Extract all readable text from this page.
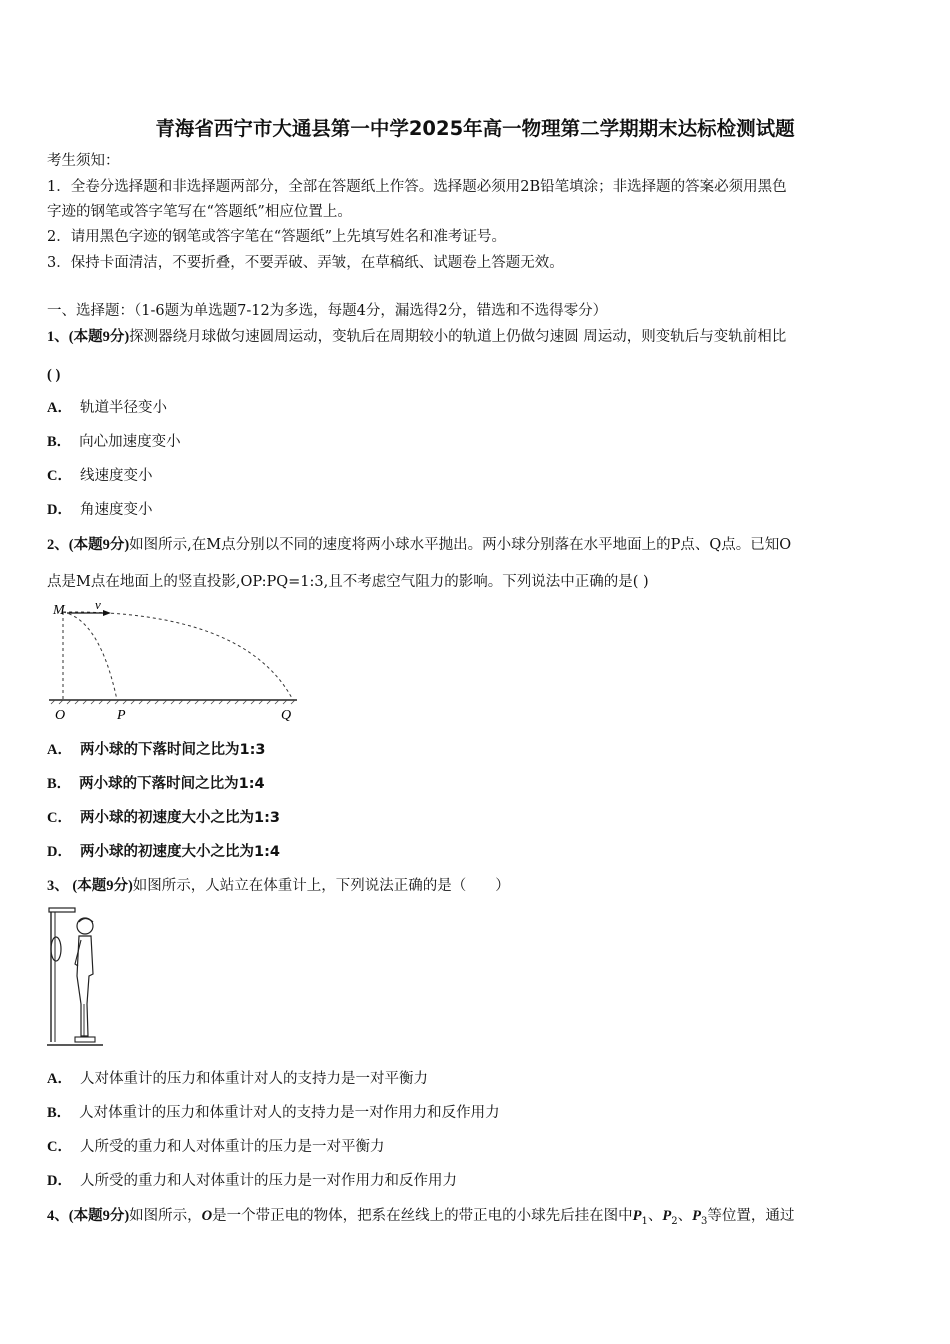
青海省西宁市大通县第一中学2025年高一物理第二学期期末达标检测试题
考生须知：
1．全卷分选择题和非选择题两部分，全部在答题纸上作答。选择题必须用2B铅笔填涂；非选择题的答案必须用黑色
字迹的钢笔或答字笔写在“答题纸”相应位置上。
2．请用黑色字迹的钢笔或答字笔在“答题纸”上先填写姓名和准考证号。
3．保持卡面清洁，不要折叠，不要弄破、弄皱，在草稿纸、试题卷上答题无效。
一、选择题：（1-6题为单选题7-12为多选，每题4分，漏选得2分，错选和不选得零分）
1、(本题9分)探测器绕月球做匀速圆周运动，变轨后在周期较小的轨道上仍做匀速圆 周运动，则变轨后与变轨前相比
( )
A． 轨道半径变小
B． 向心加速度变小
C． 线速度变小
D． 角速度变小
2、(本题9分)如图所示,在M点分别以不同的速度将两小球水平抛出。两小球分别落在水平地面上的P点、Q点。已知O
点是M点在地面上的竖直投影,OP:PQ=1:3,且不考虑空气阻力的影响。下列说法中正确的是( )
M v
O	P	Q
A． 两小球的下落时间之比为1:3
B． 两小球的下落时间之比为1:4
C． 两小球的初速度大小之比为1:3
D． 两小球的初速度大小之比为1:4
3、 (本题9分)如图所示，人站立在体重计上，下列说法正确的是（　　）
A． 人对体重计的压力和体重计对人的支持力是一对平衡力
B． 人对体重计的压力和体重计对人的支持力是一对作用力和反作用力
C． 人所受的重力和人对体重计的压力是一对平衡力
D． 人所受的重力和人对体重计的压力是一对作用力和反作用力
4、(本题9分)如图所示，O是一个带正电的物体，把系在丝线上的带正电的小球先后挂在图中$P_1$、$P_2$、$P_3$等位置，通过
